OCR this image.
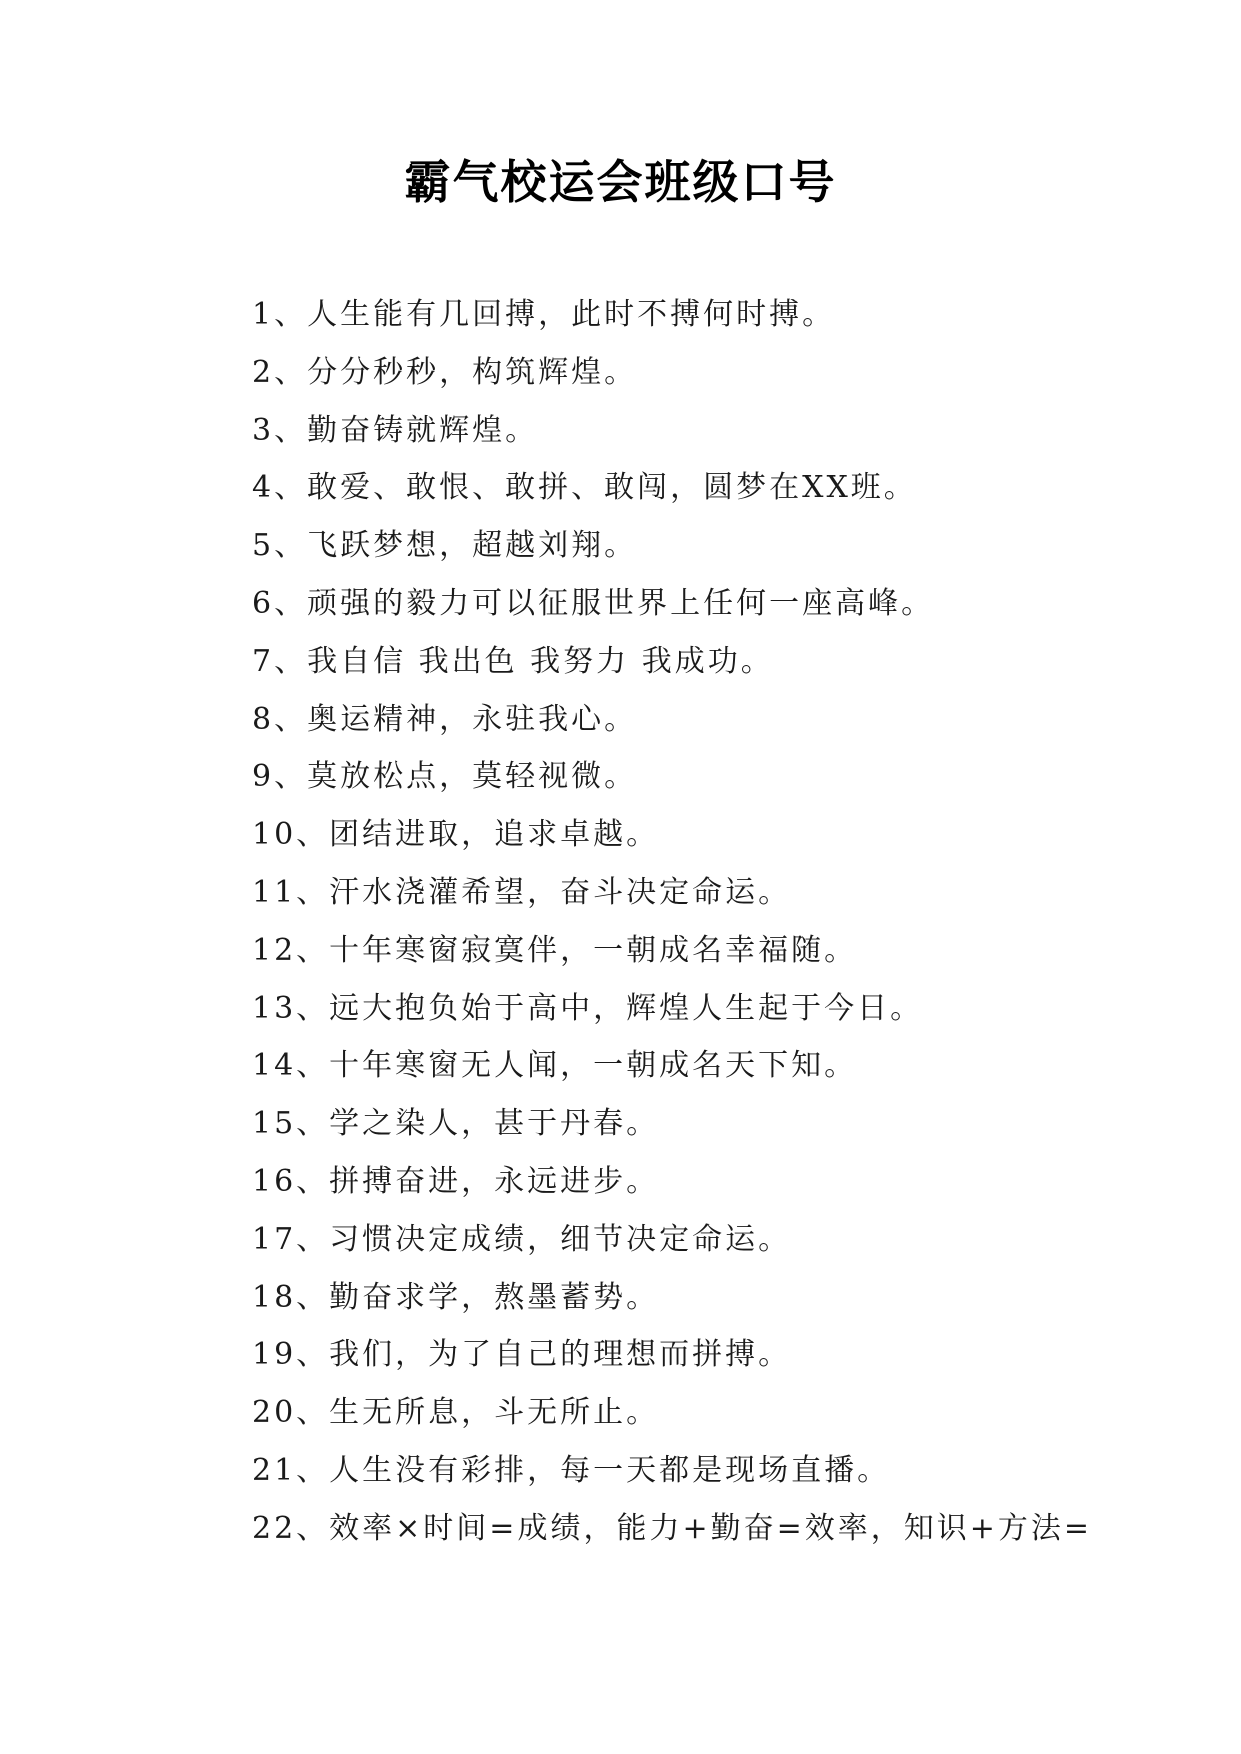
霸气校运会班级口号
1、人生能有几回搏，此时不搏何时搏。
2、分分秒秒，构筑辉煌。
3、勤奋铸就辉煌。
4、敢爱、敢恨、敢拼、敢闯，圆梦在XX班。
5、飞跃梦想，超越刘翔。
6、顽强的毅力可以征服世界上任何一座高峰。
7、我自信 我出色 我努力 我成功。
8、奥运精神，永驻我心。
9、莫放松点，莫轻视微。
10、团结进取，追求卓越。
11、汗水浇灌希望，奋斗决定命运。
12、十年寒窗寂寞伴，一朝成名幸福随。
13、远大抱负始于高中，辉煌人生起于今日。
14、十年寒窗无人闻，一朝成名天下知。
15、学之染人，甚于丹春。
16、拼搏奋进，永远进步。
17、习惯决定成绩，细节决定命运。
18、勤奋求学，熬墨蓄势。
19、我们，为了自己的理想而拼搏。
20、生无所息，斗无所止。
21、人生没有彩排，每一天都是现场直播。
22、效率×时间=成绩，能力+勤奋=效率，知识+方法=
